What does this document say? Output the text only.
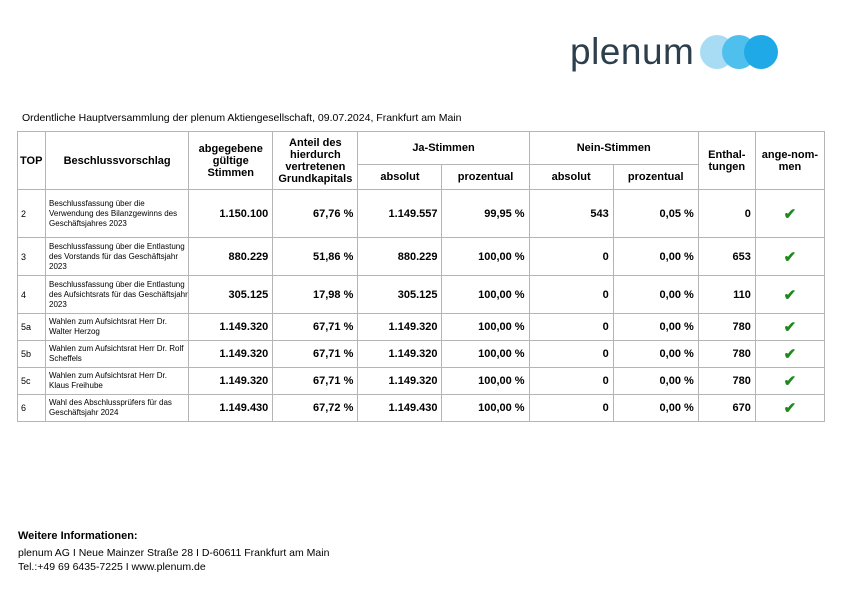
plenum
Ordentliche Hauptversammlung der plenum Aktiengesellschaft, 09.07.2024, Frankfurt am Main
TOP	Beschlussvorschlag	abgegebene gültige Stimmen	Anteil des hierdurch vertretenen Grundkapitals	Ja-Stimmen		Nein-Stimmen		Enthal-tungen	ange-nom-men
				absolut	prozentual	absolut	prozentual		
2	Beschlussfassung über die Verwendung des Bilanzgewinns des Geschäftsjahres 2023	1.150.100	67,76 %	1.149.557	99,95 %	543	0,05 %	0	✔
3	Beschlussfassung über die Entlastung des Vorstands für das Geschäftsjahr 2023	880.229	51,86 %	880.229	100,00 %	0	0,00 %	653	✔
4	Beschlussfassung über die Entlastung des Aufsichtsrats für das Geschäftsjahr 2023	305.125	17,98 %	305.125	100,00 %	0	0,00 %	110	✔
5a	Wahlen zum Aufsichtsrat Herr Dr. Walter Herzog	1.149.320	67,71 %	1.149.320	100,00 %	0	0,00 %	780	✔
5b	Wahlen zum Aufsichtsrat Herr Dr. Rolf Scheffels	1.149.320	67,71 %	1.149.320	100,00 %	0	0,00 %	780	✔
5c	Wahlen zum Aufsichtsrat Herr Dr. Klaus Freihube	1.149.320	67,71 %	1.149.320	100,00 %	0	0,00 %	780	✔
6	Wahl des Abschlussprüfers für das Geschäftsjahr 2024	1.149.430	67,72 %	1.149.430	100,00 %	0	0,00 %	670	✔
Weitere Informationen:
plenum AG I Neue Mainzer Straße 28 I D-60611 Frankfurt am Main
Tel.:+49 69 6435-7225 I www.plenum.de
